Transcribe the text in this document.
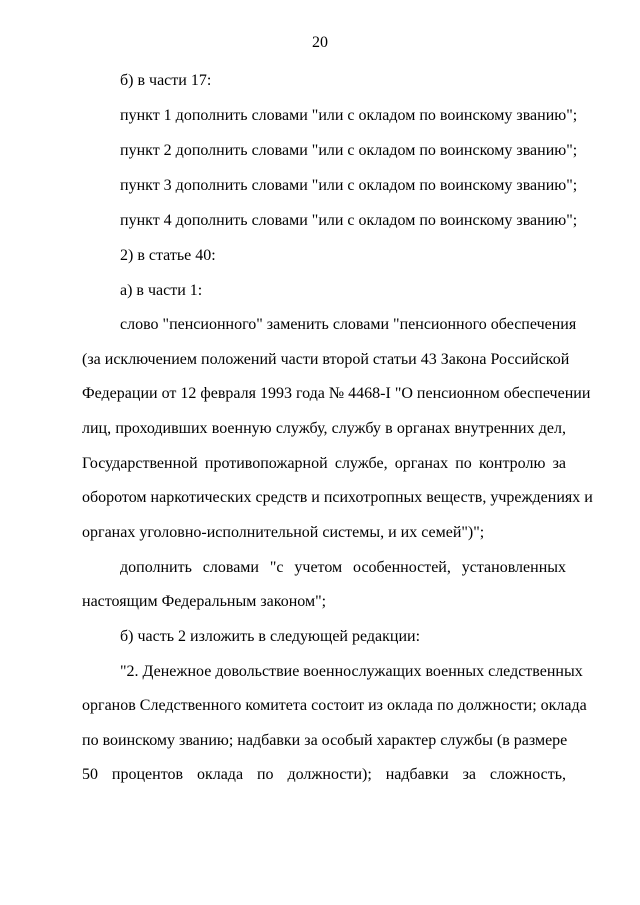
20
б) в части 17:
пункт 1 дополнить словами "или с окладом по воинскому званию";
пункт 2 дополнить словами "или с окладом по воинскому званию";
пункт 3 дополнить словами "или с окладом по воинскому званию";
пункт 4 дополнить словами "или с окладом по воинскому званию";
2) в статье 40:
а) в части 1:
слово "пенсионного" заменить словами "пенсионного обеспечения
(за исключением положений части второй статьи 43 Закона Российской
Федерации от 12 февраля 1993 года № 4468-I "О пенсионном обеспечении
лиц, проходивших военную службу, службу в органах внутренних дел,
Государственной противопожарной службе, органах по контролю за
оборотом наркотических средств и психотропных веществ, учреждениях и
органах уголовно-исполнительной системы, и их семей")";
дополнить словами "с учетом особенностей, установленных
настоящим Федеральным законом";
б) часть 2 изложить в следующей редакции:
"2. Денежное довольствие военнослужащих военных следственных
органов Следственного комитета состоит из оклада по должности; оклада
по воинскому званию; надбавки за особый характер службы (в размере
50 процентов оклада по должности); надбавки за сложность,
